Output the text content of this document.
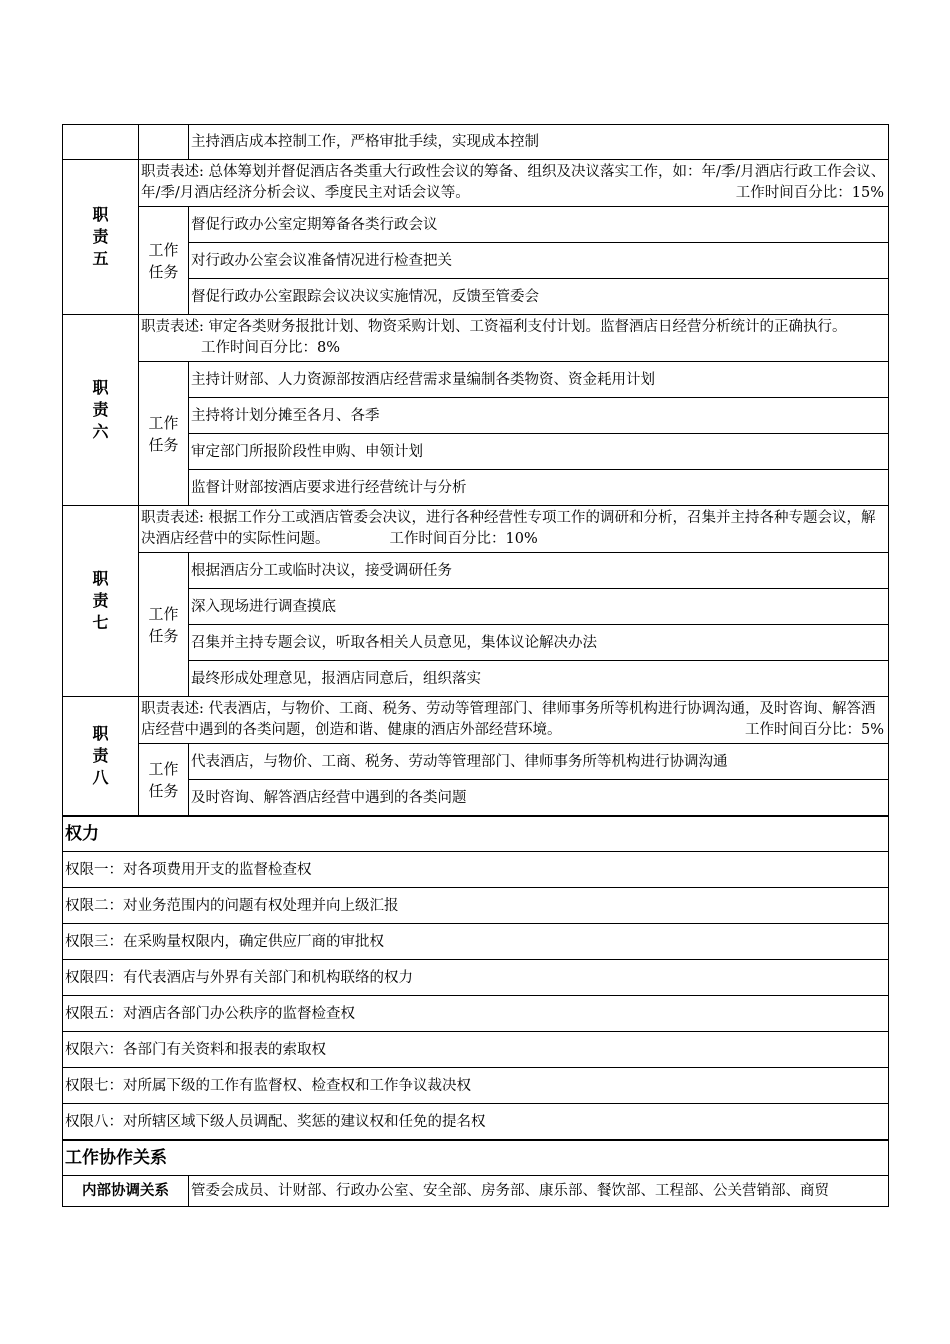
		主持酒店成本控制工作，严格审批手续，实现成本控制
职
责
五	职责表述: 总体筹划并督促酒店各类重大行政性会议的筹备、组织及决议落实工作，如：年/季/月酒店行政工作会议、年/季/月酒店经济分析会议、季度民主对话会议等。 工作时间百分比：15%	

	工作
任务	督促行政办公室定期筹备各类行政会议
		对行政办公室会议准备情况进行检查把关
		督促行政办公室跟踪会议决议实施情况，反馈至管委会
职
责
六	职责表述: 审定各类财务报批计划、物资采购计划、工资福利支付计划。监督酒店日经营分析统计的正确执行。工作时间百分比：8%	
	工作
任务	主持计财部、人力资源部按酒店经营需求量编制各类物资、资金耗用计划
		主持将计划分摊至各月、各季
		审定部门所报阶段性申购、申领计划
		监督计财部按酒店要求进行经营统计与分析
职
责
七	职责表述: 根据工作分工或酒店管委会决议，进行各种经营性专项工作的调研和分析，召集并主持各种专题会议，解决酒店经营中的实际性问题。 工作时间百分比：10%	
	工作
任务	根据酒店分工或临时决议，接受调研任务
		深入现场进行调查摸底
		召集并主持专题会议，听取各相关人员意见，集体议论解决办法
		最终形成处理意见，报酒店同意后，组织落实
职
责
八	职责表述: 代表酒店，与物价、工商、税务、劳动等管理部门、律师事务所等机构进行协调沟通，及时咨询、解答酒店经营中遇到的各类问题，创造和谐、健康的酒店外部经营环境。 工作时间百分比：5%	

	工作
任务	代表酒店，与物价、工商、税务、劳动等管理部门、律师事务所等机构进行协调沟通
		及时咨询、解答酒店经营中遇到的各类问题
权力		
权限一：对各项费用开支的监督检查权		
权限二：对业务范围内的问题有权处理并向上级汇报		
权限三：在采购量权限内，确定供应厂商的审批权		
权限四：有代表酒店与外界有关部门和机构联络的权力		
权限五：对酒店各部门办公秩序的监督检查权		
权限六：各部门有关资料和报表的索取权		
权限七：对所属下级的工作有监督权、检查权和工作争议裁决权		
权限八：对所辖区域下级人员调配、奖惩的建议权和任免的提名权		
工作协作关系		
内部协调关系		管委会成员、计财部、行政办公室、安全部、房务部、康乐部、餐饮部、工程部、公关营销部、商贸
